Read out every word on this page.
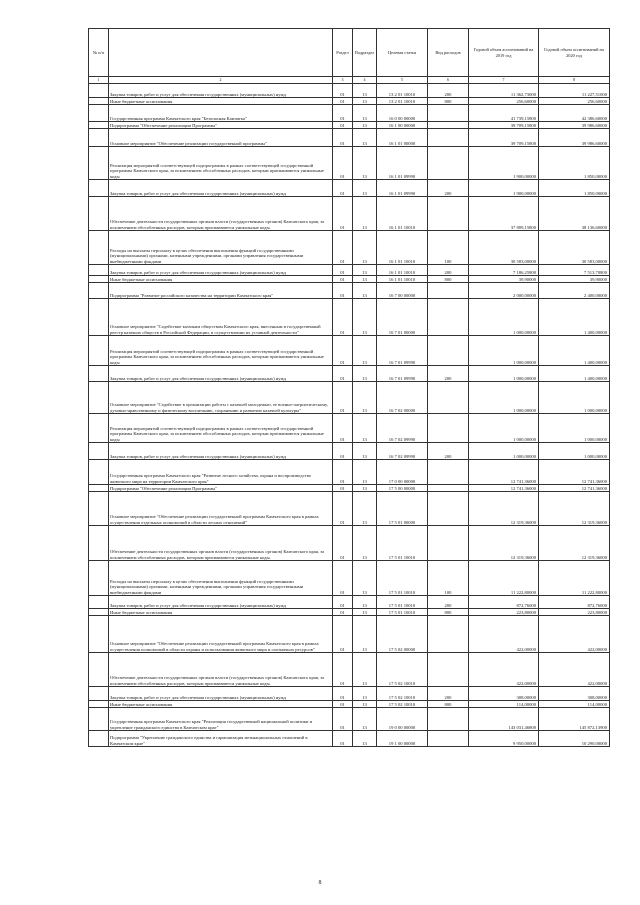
№ п/п		Раздел	Подраздел	Целевая статья	Вид расходов	Годовой объем ассигнований на 2019 год	Годовой объем ассигнований на 2020 год
1	2	3	4	5	6	7	8
	Закупка товаров, работ и услуг для обеспечения государственных (муниципальных) нужд	01	13	13 2 01 10010	200	11 362,73000	11 227,51000
	Иные бюджетные ассигнования	01	13	13 2 01 10010	800	256,60000	256,60000
	Государственная программа Камчатского края "Безопасная Камчатка"	01	13	16 0 00 00000		41 739,15800	42 386,60000
	Подпрограмма "Обеспечение реализации Программы"	01	13	16 1 00 00000		39 709,15800	39 986,60000
	Основное мероприятие "Обеспечение реализации государственной программы"	01	13	16 1 01 00000		39 709,15800	39 986,60000
	Реализация мероприятий соответствующей подпрограммы в рамках соответствующей государственной программы Камчатского края, за исключением обособленных расходов, которым присваиваются уникальные коды	01	13	16 1 01 09990		1 900,00000	1 850,00000
	Закупка товаров, работ и услуг для обеспечения государственных (муниципальных) нужд	01	13	16 1 01 09990	200	1 900,00000	1 850,00000
	Обеспечение деятельности государственных органов власти (государственных органов) Камчатского края, за исключением обособленных расходов, которым присваиваются уникальные коды.	01	13	16 1 01 10010		37 809,15800	38 136,60000
	Расходы на выплаты персоналу в целях обеспечения выполнения функций государственными (муниципальными) органами, казенными учреждениями, органами управления государственными внебюджетными фондами	01	13	16 1 01 10010	100	30 583,00000	30 583,00000
	Закупка товаров, работ и услуг для обеспечения государственных (муниципальных) нужд	01	13	16 1 01 10010	200	7 186,25800	7 513,70800
	Иные бюджетные ассигнования	01	13	16 1 01 10010	800	39,90000	39,90000
	Подпрограмма "Развитие российского казачества на территории Камчатского края"	01	13	16 7 00 00000		2 000,00000	2 400,00000
	Основное мероприятие "Содействие казачьим обществам Камчатского края, внесенным в государственный реестр казачьих обществ в Российской Федерации, в осуществлении их уставной деятельности"	01	13	16 7 01 00000		1 000,00000	1 400,00000
	Реализация мероприятий соответствующей подпрограммы в рамках соответствующей государственной программы Камчатского края, за исключением обособленных расходов, которым присваиваются уникальные коды	01	13	16 7 01 09990		1 000,00000	1 400,00000
	Закупка товаров, работ и услуг для обеспечения государственных (муниципальных) нужд	01	13	16 7 01 09990	200	1 000,00000	1 400,00000
	Основное мероприятие "Содействие в организации работы с казачьей молодежью, ее военно-патриотическому, духовно-нравственному и физическому воспитанию, сохранению и развитию казачьей культуры"	01	13	16 7 02 00000		1 000,00000	1 000,00000
	Реализация мероприятий соответствующей подпрограммы в рамках соответствующей государственной программы Камчатского края, за исключением обособленных расходов, которым присваиваются уникальные коды	01	13	16 7 02 09990		1 000,00000	1 000,00000
	Закупка товаров, работ и услуг для обеспечения государственных (муниципальных) нужд	01	13	16 7 02 09990	200	1 000,00000	1 000,00000
	Государственная программа Камчатского края "Развитие лесного хозяйства, охрана и воспроизводство животного мира на территории Камчатского края"	01	13	17 0 00 00000		12 741,36000	12 741,36000
	Подпрограмма "Обеспечение реализации Программы"	01	13	17 5 00 00000		12 741,36000	12 741,36000
	Основное мероприятие "Обеспечение реализации государственной программы Камчатского края в рамках осуществления отдельных полномочий в области лесных отношений"	01	13	17 5 01 00000		12 319,36000	12 319,36000
	Обеспечение деятельности государственных органов власти (государственных органов) Камчатского края, за исключением обособленных расходов, которым присваиваются уникальные коды.	01	13	17 5 01 10010		12 319,36000	12 319,36000
	Расходы на выплаты персоналу в целях обеспечения выполнения функций государственными (муниципальными) органами, казенными учреждениями, органами управления государственными внебюджетными фондами	01	13	17 5 01 10010	100	11 222,80000	11 222,80000
	Закупка товаров, работ и услуг для обеспечения государственных (муниципальных) нужд	01	13	17 5 01 10010	200	872,76000	872,76000
	Иные бюджетные ассигнования	01	13	17 5 01 10010	800	223,80000	223,80000
	Основное мероприятие "Обеспечение реализации государственной программы Камчатского края в рамках осуществления полномочий в области охраны и использования животного мира и охотничьих ресурсов"	01	13	17 5 02 00000		422,00000	422,00000
	Обеспечение деятельности государственных органов власти (государственных органов) Камчатского края, за исключением обособленных расходов, которым присваиваются уникальные коды.	01	13	17 5 02 10010		422,00000	422,00000
	Закупка товаров, работ и услуг для обеспечения государственных (муниципальных) нужд	01	13	17 5 02 10010	200	308,00000	308,00000
	Иные бюджетные ассигнования	01	13	17 5 02 10010	800	114,00000	114,00000
	Государственная программа Камчатского края "Реализация государственной национальной политики и укрепление гражданского единства в Камчатском крае"	01	13	19 0 00 00000		143 031,46800	145 872,13900
	Подпрограмма "Укрепление гражданского единства и гармонизация межнациональных отношений в Камчатском крае"	01	13	19 1 00 00000		9 950,00000	10 290,00000
8
